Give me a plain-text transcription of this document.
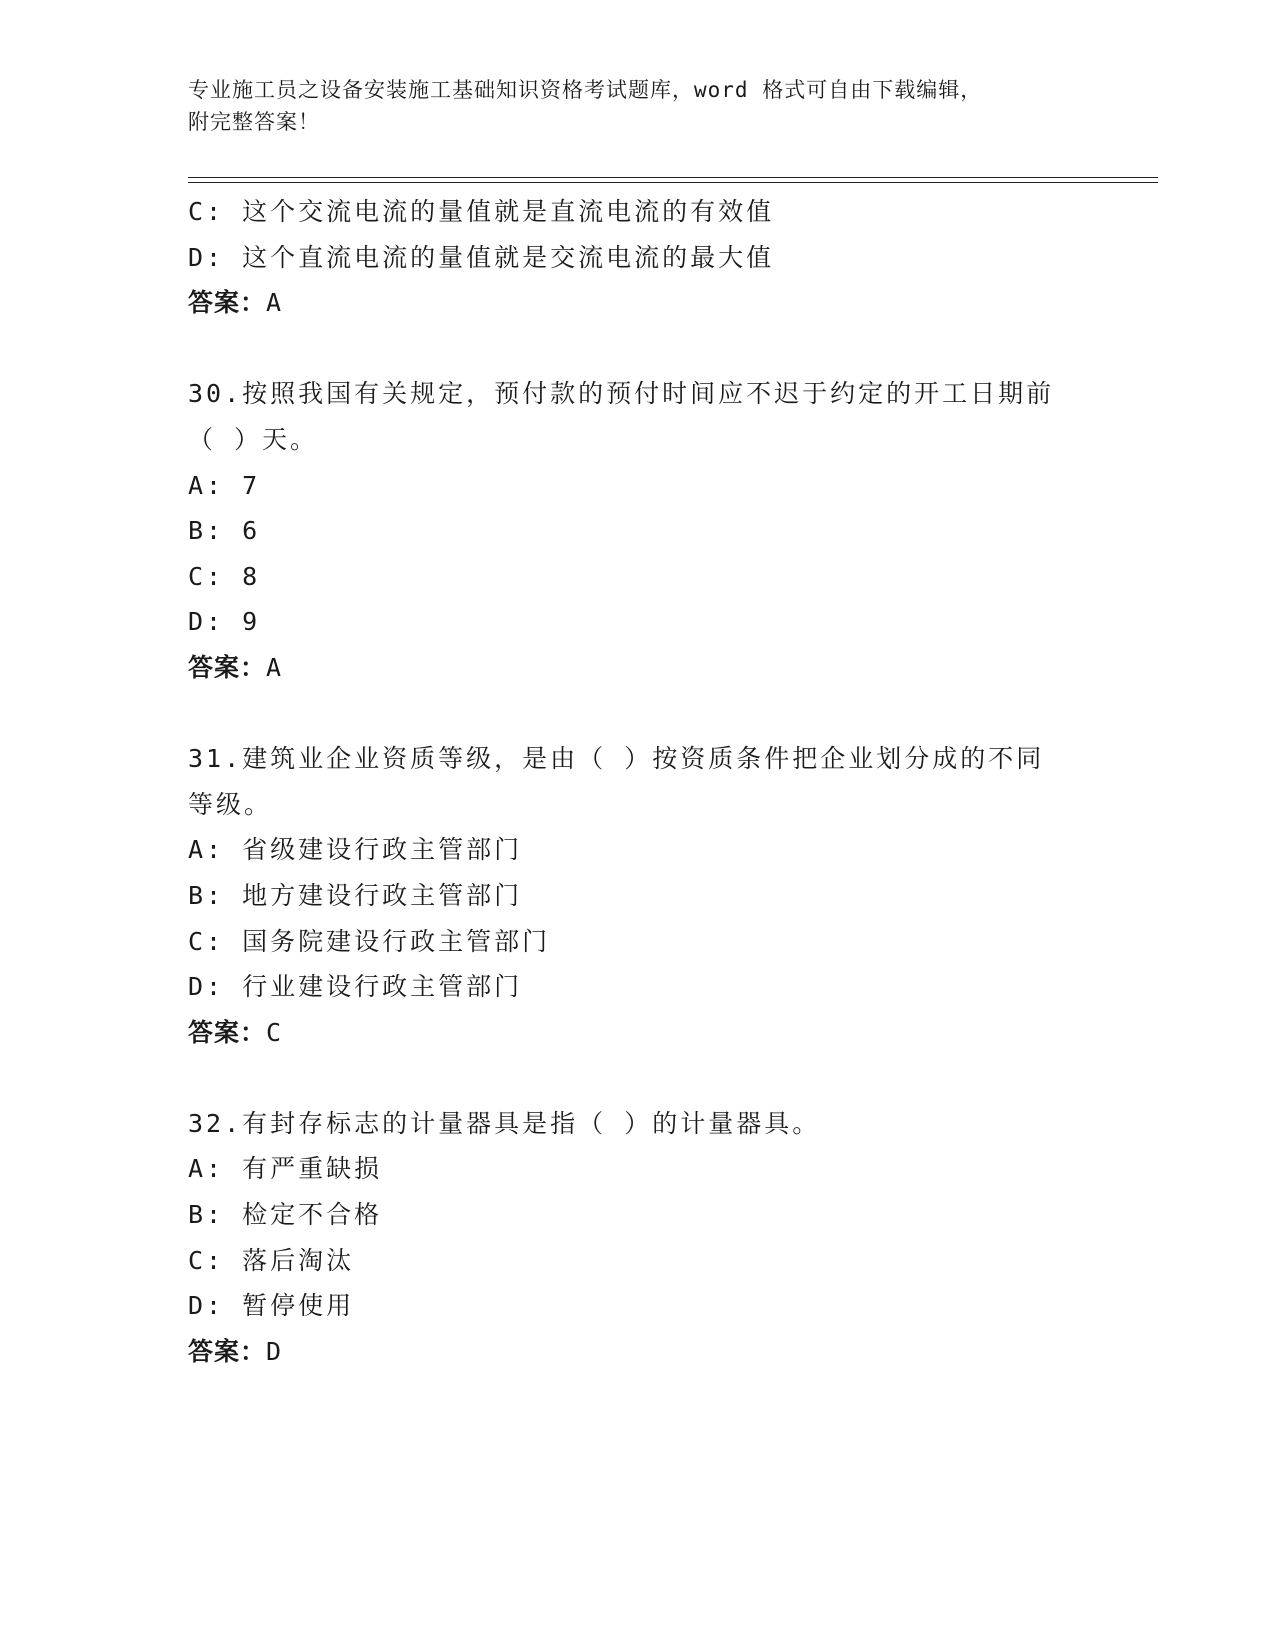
专业施工员之设备安装施工基础知识资格考试题库，word 格式可自由下载编辑，
附完整答案！
C: 这个交流电流的量值就是直流电流的有效值
D: 这个直流电流的量值就是交流电流的最大值
答案：A
30.按照我国有关规定，预付款的预付时间应不迟于约定的开工日期前
（ ）天。
A: 7
B: 6
C: 8
D: 9
答案：A
31.建筑业企业资质等级，是由（ ）按资质条件把企业划分成的不同
等级。
A: 省级建设行政主管部门
B: 地方建设行政主管部门
C: 国务院建设行政主管部门
D: 行业建设行政主管部门
答案：C
32.有封存标志的计量器具是指（ ）的计量器具。
A: 有严重缺损
B: 检定不合格
C: 落后淘汰
D: 暂停使用
答案：D
